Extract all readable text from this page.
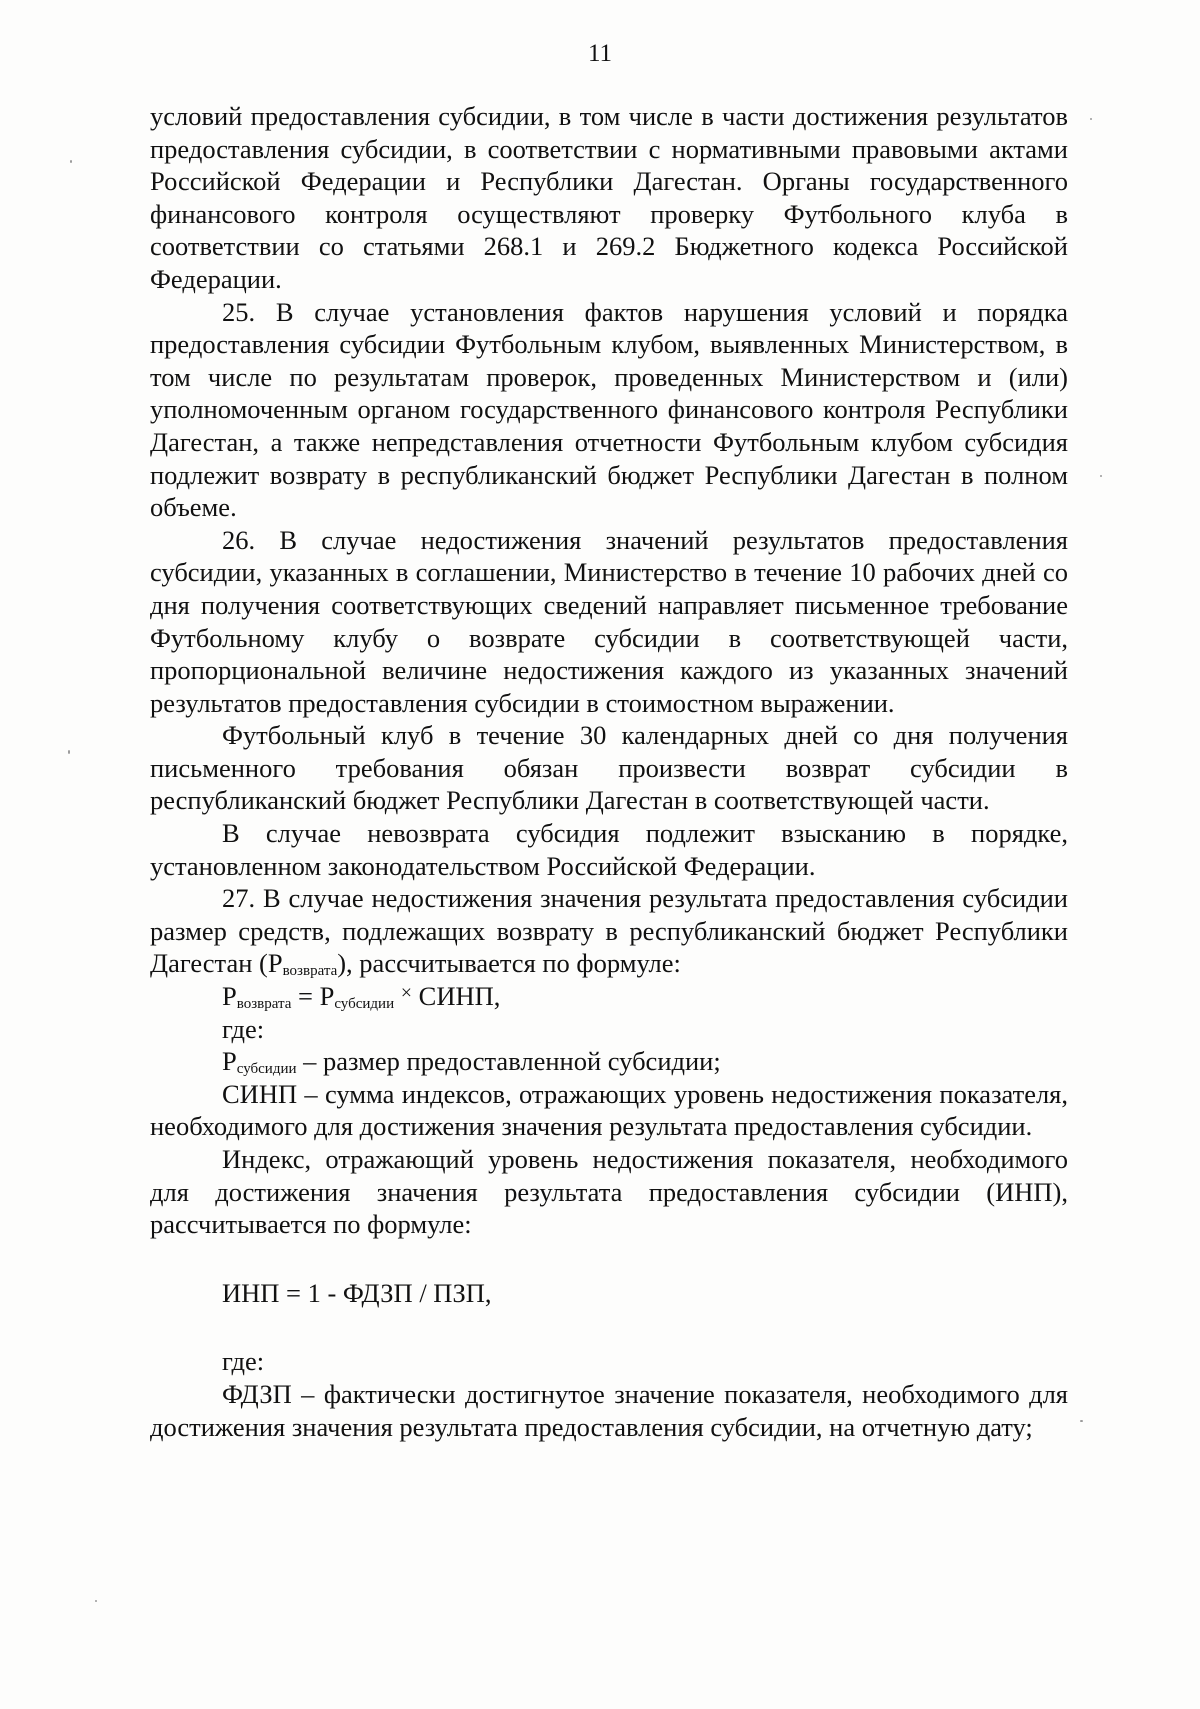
11

условий предоставления субсидии, в том числе в части достижения результатов предоставления субсидии, в соответствии с нормативными правовыми актами Российской Федерации и Республики Дагестан. Органы государственного финансового контроля осуществляют проверку Футбольного клуба в соответствии со статьями 268.1 и 269.2 Бюджетного кодекса Российской Федерации.

25. В случае установления фактов нарушения условий и порядка предоставления субсидии Футбольным клубом, выявленных Министерством, в том числе по результатам проверок, проведенных Министерством и (или) уполномоченным органом государственного финансового контроля Республики Дагестан, а также непредставления отчетности Футбольным клубом субсидия подлежит возврату в республиканский бюджет Республики Дагестан в полном объеме.

26. В случае недостижения значений результатов предоставления субсидии, указанных в соглашении, Министерство в течение 10 рабочих дней со дня получения соответствующих сведений направляет письменное требование Футбольному клубу о возврате субсидии в соответствующей части, пропорциональной величине недостижения каждого из указанных значений результатов предоставления субсидии в стоимостном выражении.

Футбольный клуб в течение 30 календарных дней со дня получения письменного требования обязан произвести возврат субсидии в республиканский бюджет Республики Дагестан в соответствующей части.

В случае невозврата субсидия подлежит взысканию в порядке, установленном законодательством Российской Федерации.

27. В случае недостижения значения результата предоставления субсидии размер средств, подлежащих возврату в республиканский бюджет Республики Дагестан $(Р_{возврата})$, рассчитывается по формуле:

$Р_{возврата} = Р_{субсидии}$ × СИНП,

где:

$Р_{субсидии}$ – размер предоставленной субсидии;

СИНП – сумма индексов, отражающих уровень недостижения показателя, необходимого для достижения значения результата предоставления субсидии.

Индекс, отражающий уровень недостижения показателя, необходимого для достижения значения результата предоставления субсидии (ИНП), рассчитывается по формуле:

ИНП = 1 - ФДЗП / ПЗП,

где:

ФДЗП – фактически достигнутое значение показателя, необходимого для достижения значения результата предоставления субсидии, на отчетную дату;
